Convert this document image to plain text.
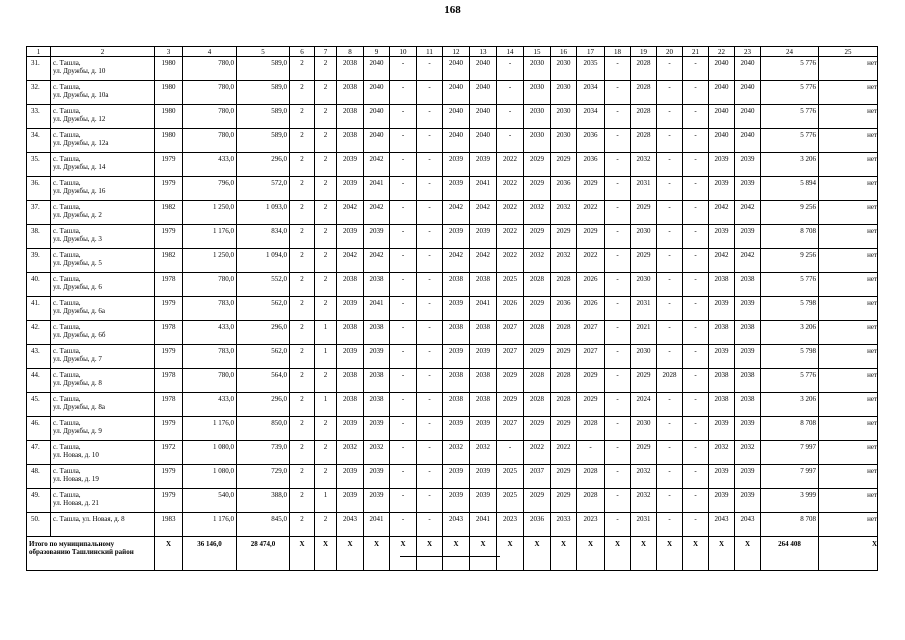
168
1	2	3	4	5	6	7	8	9	10	11	12	13	14	15	16	17	18	19	20	21	22	23	24	25
31.	с. Ташла,
ул. Дружбы, д. 10	1980	780,0	589,0	2	2	2038	2040	-	-	2040	2040	-	2030	2030	2035	-	2028	-	-	2040	2040	5 776	нет
32.	с. Ташла,
ул. Дружбы, д. 10а	1980	780,0	589,0	2	2	2038	2040	-	-	2040	2040	-	2030	2030	2034	-	2028	-	-	2040	2040	5 776	нет
33.	с. Ташла,
ул. Дружбы, д. 12	1980	780,0	589,0	2	2	2038	2040	-	-	2040	2040	-	2030	2030	2034	-	2028	-	-	2040	2040	5 776	нет
34.	с. Ташла,
ул. Дружбы, д. 12а	1980	780,0	589,0	2	2	2038	2040	-	-	2040	2040	-	2030	2030	2036	-	2028	-	-	2040	2040	5 776	нет
35.	с. Ташла,
ул. Дружбы, д. 14	1979	433,0	296,0	2	2	2039	2042	-	-	2039	2039	2022	2029	2029	2036	-	2032	-	-	2039	2039	3 206	нет
36.	с. Ташла,
ул. Дружбы, д. 16	1979	796,0	572,0	2	2	2039	2041	-	-	2039	2041	2022	2029	2036	2029	-	2031	-	-	2039	2039	5 894	нет
37.	с. Ташла,
ул. Дружбы, д. 2	1982	1 250,0	1 093,0	2	2	2042	2042	-	-	2042	2042	2022	2032	2032	2022	-	2029	-	-	2042	2042	9 256	нет
38.	с. Ташла,
ул. Дружбы, д. 3	1979	1 176,0	834,0	2	2	2039	2039	-	-	2039	2039	2022	2029	2029	2029	-	2030	-	-	2039	2039	8 708	нет
39.	с. Ташла,
ул. Дружбы, д. 5	1982	1 250,0	1 094,0	2	2	2042	2042	-	-	2042	2042	2022	2032	2032	2022	-	2029	-	-	2042	2042	9 256	нет
40.	с. Ташла,
ул. Дружбы, д. 6	1978	780,0	552,0	2	2	2038	2038	-	-	2038	2038	2025	2028	2028	2026	-	2030	-	-	2038	2038	5 776	нет
41.	с. Ташла,
ул. Дружбы, д. 6а	1979	783,0	562,0	2	2	2039	2041	-	-	2039	2041	2026	2029	2036	2026	-	2031	-	-	2039	2039	5 798	нет
42.	с. Ташла,
ул. Дружбы, д. 6б	1978	433,0	296,0	2	1	2038	2038	-	-	2038	2038	2027	2028	2028	2027	-	2021	-	-	2038	2038	3 206	нет
43.	с. Ташла,
ул. Дружбы, д. 7	1979	783,0	562,0	2	1	2039	2039	-	-	2039	2039	2027	2029	2029	2027	-	2030	-	-	2039	2039	5 798	нет
44.	с. Ташла,
ул. Дружбы, д. 8	1978	780,0	564,0	2	2	2038	2038	-	-	2038	2038	2029	2028	2028	2029	-	2029	2028	-	2038	2038	5 776	нет
45.	с. Ташла,
ул. Дружбы, д. 8а	1978	433,0	296,0	2	1	2038	2038	-	-	2038	2038	2029	2028	2028	2029	-	2024	-	-	2038	2038	3 206	нет
46.	с. Ташла,
ул. Дружбы, д. 9	1979	1 176,0	850,0	2	2	2039	2039	-	-	2039	2039	2027	2029	2029	2028	-	2030	-	-	2039	2039	8 708	нет
47.	с. Ташла,
ул. Новая, д. 10	1972	1 080,0	739,0	2	2	2032	2032	-	-	2032	2032	-	2022	2022	-	-	2029	-	-	2032	2032	7 997	нет
48.	с. Ташла,
ул. Новая, д. 19	1979	1 080,0	729,0	2	2	2039	2039	-	-	2039	2039	2025	2037	2029	2028	-	2032	-	-	2039	2039	7 997	нет
49.	с. Ташла,
ул. Новая, д. 21	1979	540,0	388,0	2	1	2039	2039	-	-	2039	2039	2025	2029	2029	2028	-	2032	-	-	2039	2039	3 999	нет
50.	с. Ташла, ул. Новая, д. 8	1983	1 176,0	845,0	2	2	2043	2041	-	-	2043	2041	2023	2036	2033	2023	-	2031	-	-	2043	2043	8 708	нет
Итого по муниципальному образованию Ташлинский район		Х	36 146,0	28 474,0	Х	Х	Х	Х	Х	Х	Х	Х	Х	Х	Х	Х	Х	Х	Х	Х	Х	Х	264 408	Х
